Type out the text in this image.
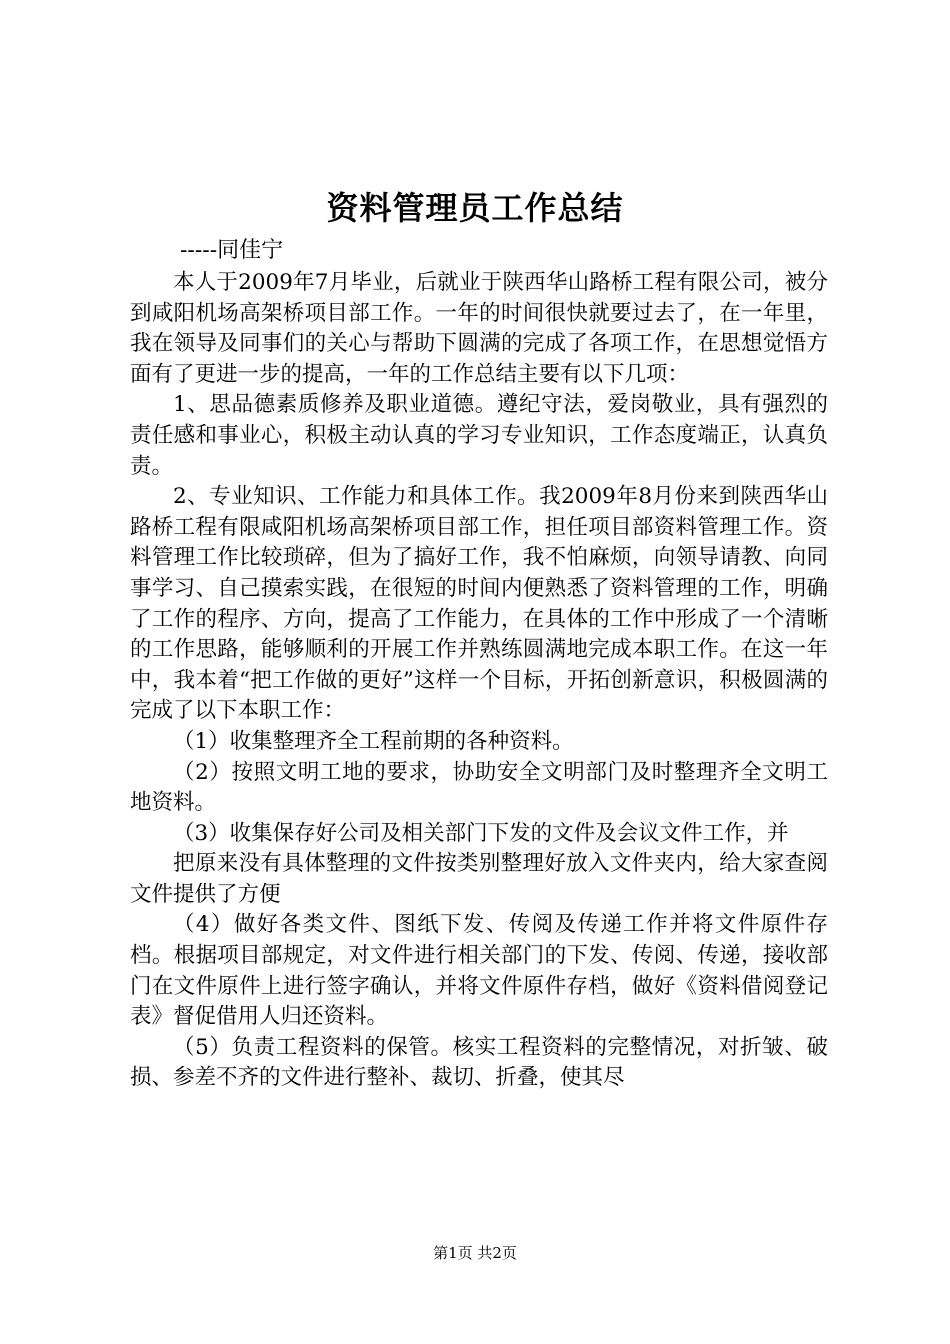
资料管理员工作总结
-----同佳宁

本人于2009年7月毕业，后就业于陕西华山路桥工程有限公司，被分到咸阳机场高架桥项目部工作。一年的时间很快就要过去了，在一年里，我在领导及同事们的关心与帮助下圆满的完成了各项工作，在思想觉悟方面有了更进一步的提高，一年的工作总结主要有以下几项：

1、思品德素质修养及职业道德。遵纪守法，爱岗敬业，具有强烈的责任感和事业心，积极主动认真的学习专业知识，工作态度端正，认真负责。

2、专业知识、工作能力和具体工作。我2009年8月份来到陕西华山路桥工程有限咸阳机场高架桥项目部工作，担任项目部资料管理工作。资料管理工作比较琐碎，但为了搞好工作，我不怕麻烦，向领导请教、向同事学习、自己摸索实践，在很短的时间内便熟悉了资料管理的工作，明确了工作的程序、方向，提高了工作能力，在具体的工作中形成了一个清晰的工作思路，能够顺利的开展工作并熟练圆满地完成本职工作。在这一年中，我本着“把工作做的更好”这样一个目标，开拓创新意识，积极圆满的完成了以下本职工作：

（1）收集整理齐全工程前期的各种资料。

（2）按照文明工地的要求，协助安全文明部门及时整理齐全文明工地资料。

（3）收集保存好公司及相关部门下发的文件及会议文件工作，并

把原来没有具体整理的文件按类别整理好放入文件夹内，给大家查阅文件提供了方便

（4）做好各类文件、图纸下发、传阅及传递工作并将文件原件存档。根据项目部规定，对文件进行相关部门的下发、传阅、传递，接收部门在文件原件上进行签字确认，并将文件原件存档，做好《资料借阅登记表》督促借用人归还资料。

（5）负责工程资料的保管。核实工程资料的完整情况，对折皱、破损、参差不齐的文件进行整补、裁切、折叠，使其尽

第1页 共2页
